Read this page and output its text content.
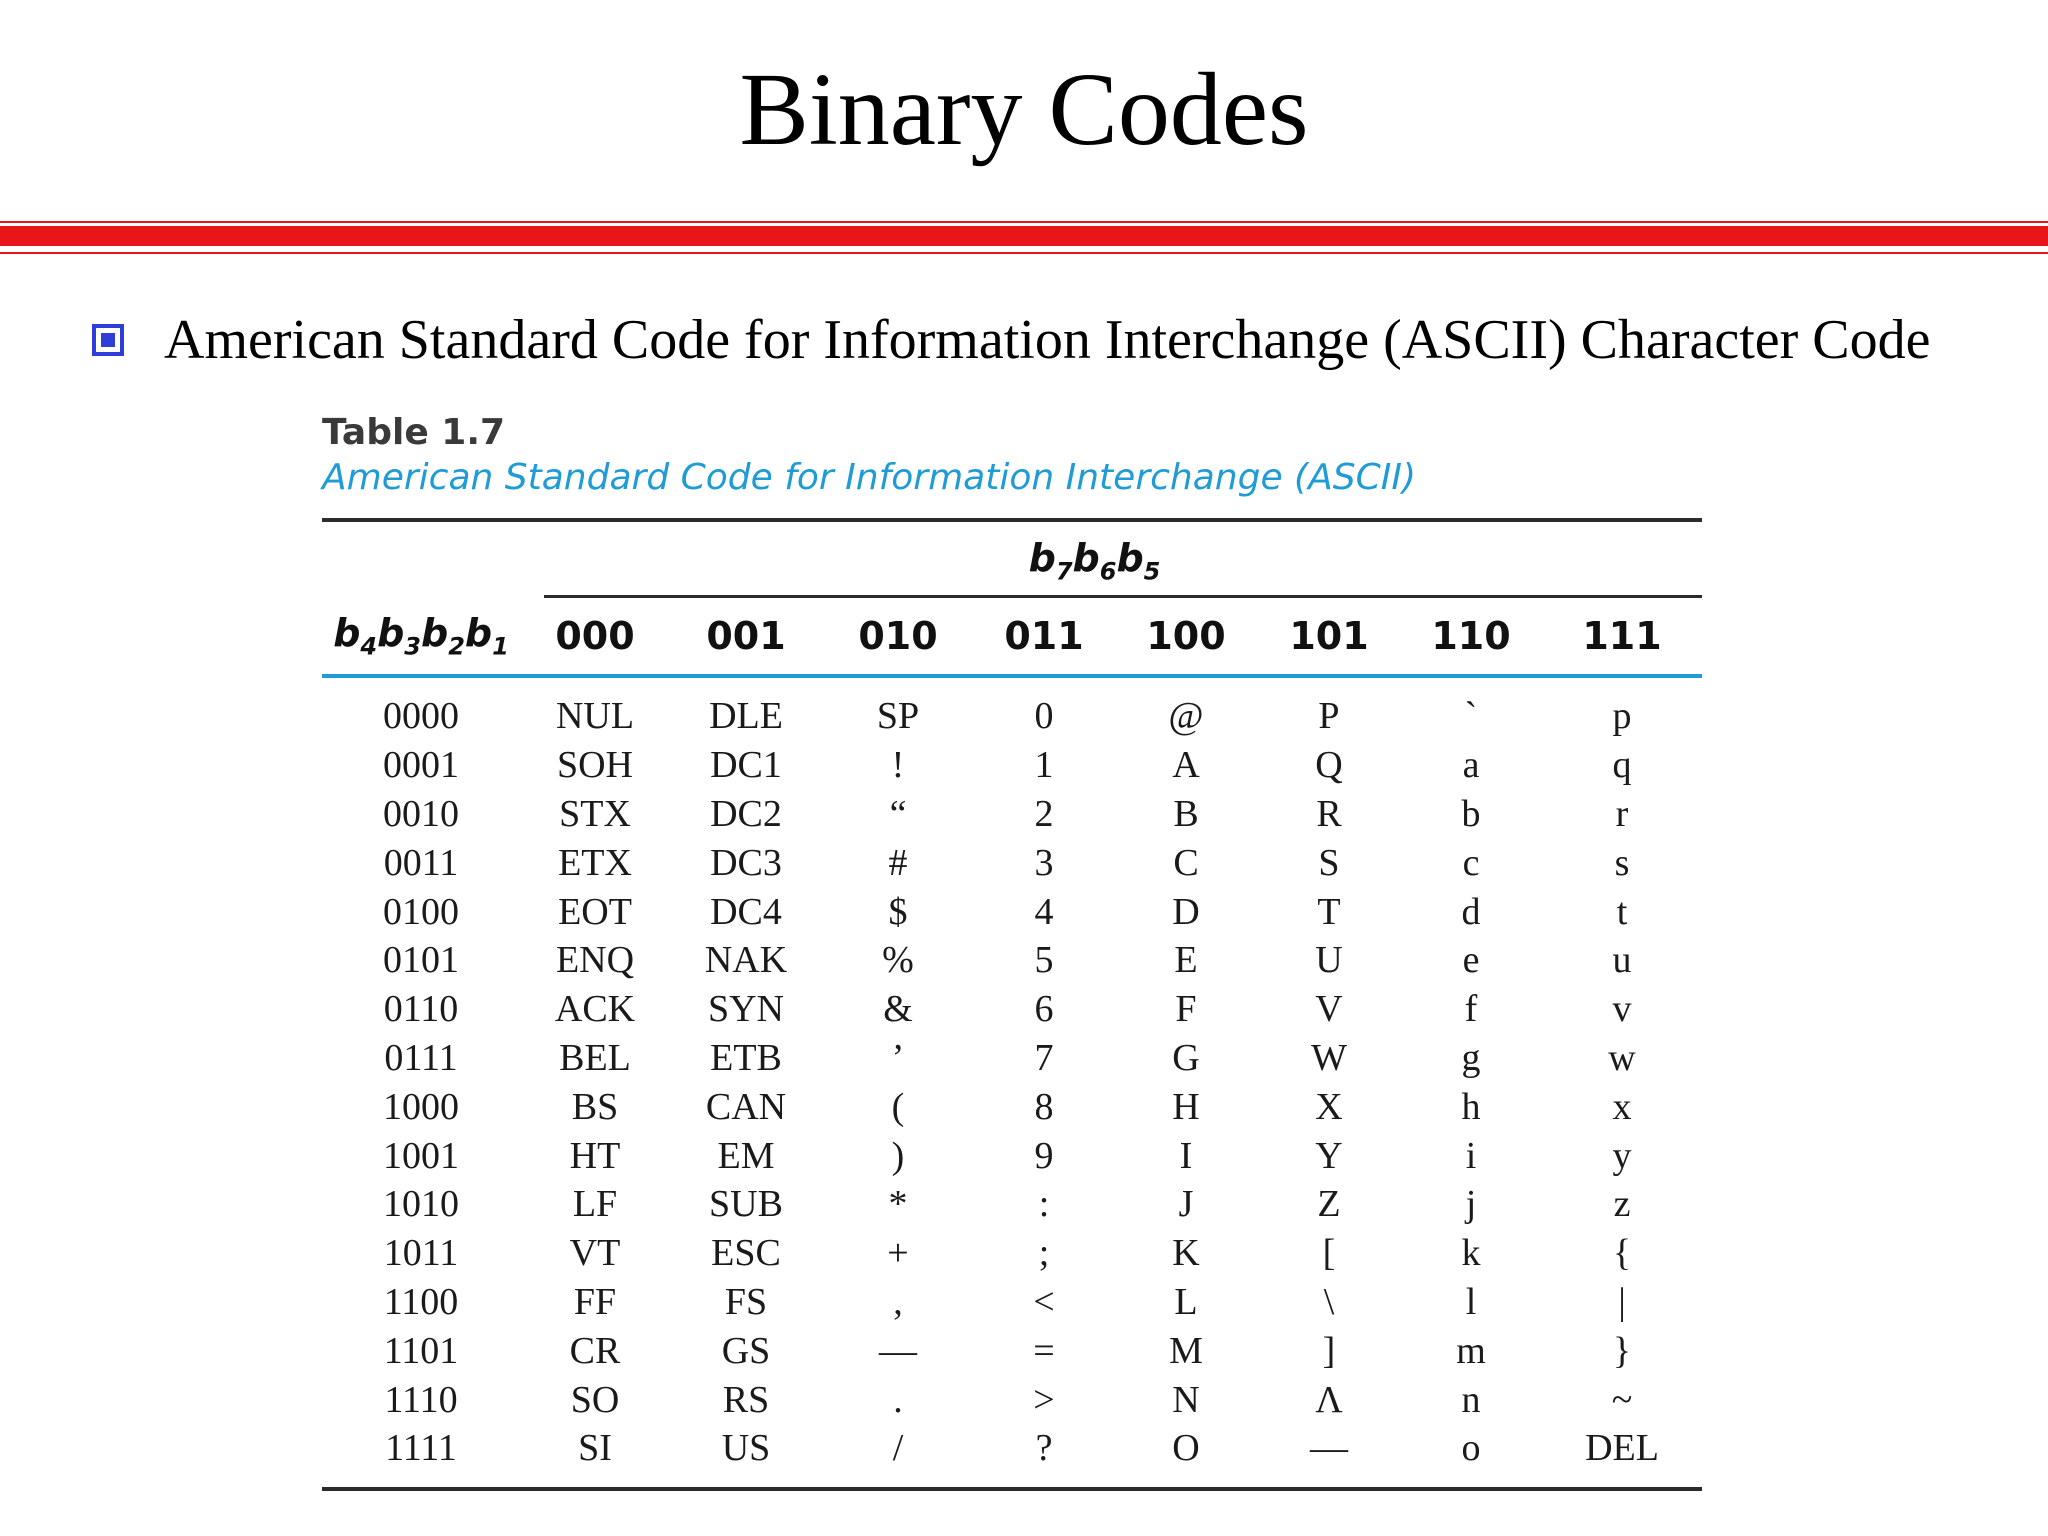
Binary Codes
American Standard Code for Information Interchange (ASCII) Character Code
Table 1.7
American Standard Code for Information Interchange (ASCII)
$b_7b_6b_5$
$b_4b_3b_2b_1$	000	001	010	011	100	101	110	111
0000	NUL	DLE	SP	0	@	P	`	p
0001	SOH	DC1	!	1	A	Q	a	q
0010	STX	DC2	“	2	B	R	b	r
0011	ETX	DC3	#	3	C	S	c	s
0100	EOT	DC4	$	4	D	T	d	t
0101	ENQ	NAK	%	5	E	U	e	u
0110	ACK	SYN	&	6	F	V	f	v
0111	BEL	ETB	’	7	G	W	g	w
1000	BS	CAN	(	8	H	X	h	x
1001	HT	EM	)	9	I	Y	i	y
1010	LF	SUB	*	:	J	Z	j	z
1011	VT	ESC	+	;	K	[	k	{
1100	FF	FS	,	<	L	\	l	|
1101	CR	GS	—	=	M	]	m	}
1110	SO	RS	.	>	N	Λ	n	~
1111	SI	US	/	?	O	—	o	DEL
